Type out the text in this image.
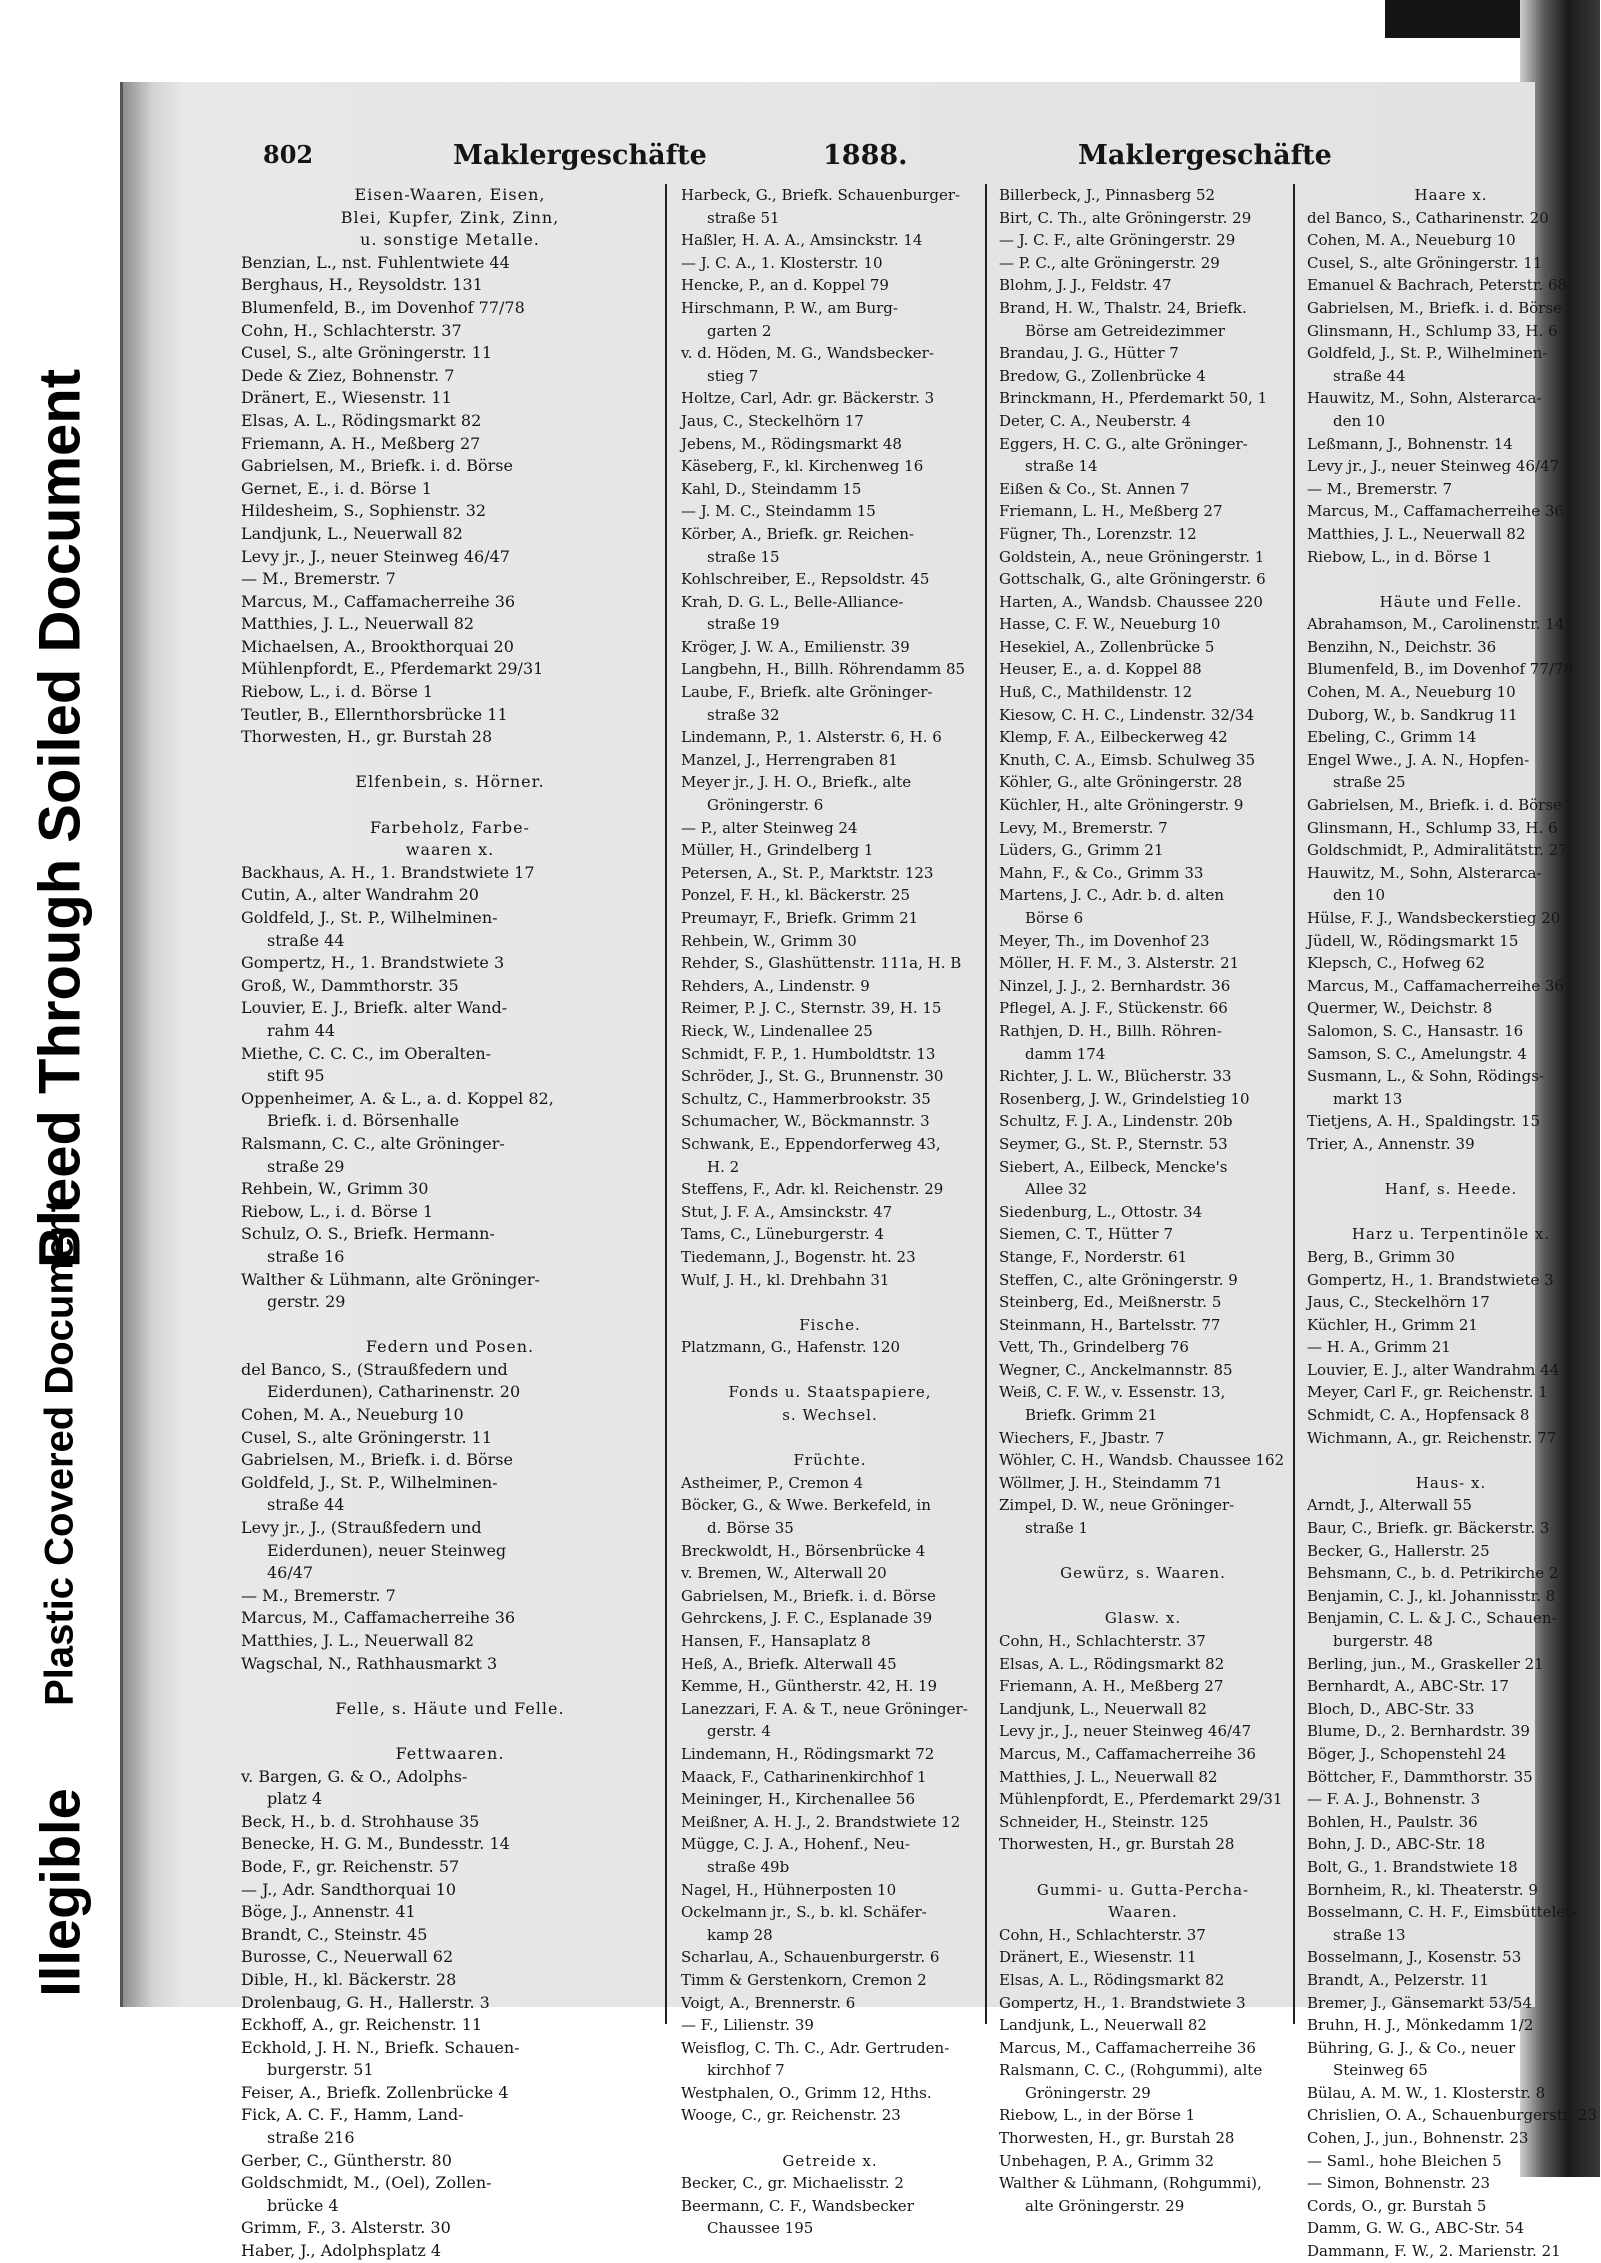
Bleed Through Soiled Document
Plastic Covered Document
Illegible
802	Maklergeschäfte	1888.	Maklergeschäfte
Eisen-Waaren, Eisen,
Blei, Kupfer, Zink, Zinn,
u. sonstige Metalle.
Benzian, L., nst. Fuhlentwiete 44
Berghaus, H., Reysoldstr. 131
Blumenfeld, B., im Dovenhof 77/78
Cohn, H., Schlachterstr. 37
Cusel, S., alte Gröningerstr. 11
Dede & Ziez, Bohnenstr. 7
Dränert, E., Wiesenstr. 11
Elsas, A. L., Rödingsmarkt 82
Friemann, A. H., Meßberg 27
Gabrielsen, M., Briefk. i. d. Börse
Gernet, E., i. d. Börse 1
Hildesheim, S., Sophienstr. 32
Landjunk, L., Neuerwall 82
Levy jr., J., neuer Steinweg 46/47
— M., Bremerstr. 7
Marcus, M., Caffamacherreihe 36
Matthies, J. L., Neuerwall 82
Michaelsen, A., Brookthorquai 20
Mühlenpfordt, E., Pferdemarkt 29/31
Riebow, L., i. d. Börse 1
Teutler, B., Ellernthorsbrücke 11
Thorwesten, H., gr. Burstah 28
Elfenbein, s. Hörner.
Farbeholz, Farbe-
waaren x.
Backhaus, A. H., 1. Brandstwiete 17
Cutin, A., alter Wandrahm 20
Goldfeld, J., St. P., Wilhelminen-
straße 44
Gompertz, H., 1. Brandstwiete 3
Groß, W., Dammthorstr. 35
Louvier, E. J., Briefk. alter Wand-
rahm 44
Miethe, C. C. C., im Oberalten-
stift 95
Oppenheimer, A. & L., a. d. Koppel 82,
Briefk. i. d. Börsenhalle
Ralsmann, C. C., alte Gröninger-
straße 29
Rehbein, W., Grimm 30
Riebow, L., i. d. Börse 1
Schulz, O. S., Briefk. Hermann-
straße 16
Walther & Lühmann, alte Gröninger-
gerstr. 29
Federn und Posen.
del Banco, S., (Straußfedern und
Eiderdunen), Catharinenstr. 20
Cohen, M. A., Neueburg 10
Cusel, S., alte Gröningerstr. 11
Gabrielsen, M., Briefk. i. d. Börse
Goldfeld, J., St. P., Wilhelminen-
straße 44
Levy jr., J., (Straußfedern und
Eiderdunen), neuer Steinweg
46/47
— M., Bremerstr. 7
Marcus, M., Caffamacherreihe 36
Matthies, J. L., Neuerwall 82
Wagschal, N., Rathhausmarkt 3
Felle, s. Häute und Felle.
Fettwaaren.
v. Bargen, G. & O., Adolphs-
platz 4
Beck, H., b. d. Strohhause 35
Benecke, H. G. M., Bundesstr. 14
Bode, F., gr. Reichenstr. 57
— J., Adr. Sandthorquai 10
Böge, J., Annenstr. 41
Brandt, C., Steinstr. 45
Burosse, C., Neuerwall 62
Dible, H., kl. Bäckerstr. 28
Drolenbaug, G. H., Hallerstr. 3
Eckhoff, A., gr. Reichenstr. 11
Eckhold, J. H. N., Briefk. Schauen-
burgerstr. 51
Feiser, A., Briefk. Zollenbrücke 4
Fick, A. C. F., Hamm, Land-
straße 216
Gerber, C., Güntherstr. 80
Goldschmidt, M., (Oel), Zollen-
brücke 4
Grimm, F., 3. Alsterstr. 30
Haber, J., Adolphsplatz 4
Harbeck, G., Briefk. Schauenburger-
straße 51
Haßler, H. A. A., Amsinckstr. 14
— J. C. A., 1. Klosterstr. 10
Hencke, P., an d. Koppel 79
Hirschmann, P. W., am Burg-
garten 2
v. d. Höden, M. G., Wandsbecker-
stieg 7
Holtze, Carl, Adr. gr. Bäckerstr. 3
Jaus, C., Steckelhörn 17
Jebens, M., Rödingsmarkt 48
Käseberg, F., kl. Kirchenweg 16
Kahl, D., Steindamm 15
— J. M. C., Steindamm 15
Körber, A., Briefk. gr. Reichen-
straße 15
Kohlschreiber, E., Repsoldstr. 45
Krah, D. G. L., Belle-Alliance-
straße 19
Kröger, J. W. A., Emilienstr. 39
Langbehn, H., Billh. Röhrendamm 85
Laube, F., Briefk. alte Gröninger-
straße 32
Lindemann, P., 1. Alsterstr. 6, H. 6
Manzel, J., Herrengraben 81
Meyer jr., J. H. O., Briefk., alte
Gröningerstr. 6
— P., alter Steinweg 24
Müller, H., Grindelberg 1
Petersen, A., St. P., Marktstr. 123
Ponzel, F. H., kl. Bäckerstr. 25
Preumayr, F., Briefk. Grimm 21
Rehbein, W., Grimm 30
Rehder, S., Glashüttenstr. 111a, H. B
Rehders, A., Lindenstr. 9
Reimer, P. J. C., Sternstr. 39, H. 15
Rieck, W., Lindenallee 25
Schmidt, F. P., 1. Humboldtstr. 13
Schröder, J., St. G., Brunnenstr. 30
Schultz, C., Hammerbrookstr. 35
Schumacher, W., Böckmannstr. 3
Schwank, E., Eppendorferweg 43,
H. 2
Steffens, F., Adr. kl. Reichenstr. 29
Stut, J. F. A., Amsinckstr. 47
Tams, C., Lüneburgerstr. 4
Tiedemann, J., Bogenstr. ht. 23
Wulf, J. H., kl. Drehbahn 31
Fische.
Platzmann, G., Hafenstr. 120
Fonds u. Staatspapiere,
s. Wechsel.
Früchte.
Astheimer, P., Cremon 4
Böcker, G., & Wwe. Berkefeld, in
d. Börse 35
Breckwoldt, H., Börsenbrücke 4
v. Bremen, W., Alterwall 20
Gabrielsen, M., Briefk. i. d. Börse
Gehrckens, J. F. C., Esplanade 39
Hansen, F., Hansaplatz 8
Heß, A., Briefk. Alterwall 45
Kemme, H., Güntherstr. 42, H. 19
Lanezzari, F. A. & T., neue Gröninger-
gerstr. 4
Lindemann, H., Rödingsmarkt 72
Maack, F., Catharinenkirchhof 1
Meininger, H., Kirchenallee 56
Meißner, A. H. J., 2. Brandstwiete 12
Mügge, C. J. A., Hohenf., Neu-
straße 49b
Nagel, H., Hühnerposten 10
Ockelmann jr., S., b. kl. Schäfer-
kamp 28
Scharlau, A., Schauenburgerstr. 6
Timm & Gerstenkorn, Cremon 2
Voigt, A., Brennerstr. 6
— F., Lilienstr. 39
Weisflog, C. Th. C., Adr. Gertruden-
kirchhof 7
Westphalen, O., Grimm 12, Hths.
Wooge, C., gr. Reichenstr. 23
Getreide x.
Becker, C., gr. Michaelisstr. 2
Beermann, C. F., Wandsbecker
Chaussee 195
Billerbeck, J., Pinnasberg 52
Birt, C. Th., alte Gröningerstr. 29
— J. C. F., alte Gröningerstr. 29
— P. C., alte Gröningerstr. 29
Blohm, J. J., Feldstr. 47
Brand, H. W., Thalstr. 24, Briefk.
Börse am Getreidezimmer
Brandau, J. G., Hütter 7
Bredow, G., Zollenbrücke 4
Brinckmann, H., Pferdemarkt 50, 1
Deter, C. A., Neuberstr. 4
Eggers, H. C. G., alte Gröninger-
straße 14
Eißen & Co., St. Annen 7
Friemann, L. H., Meßberg 27
Fügner, Th., Lorenzstr. 12
Goldstein, A., neue Gröningerstr. 1
Gottschalk, G., alte Gröningerstr. 6
Harten, A., Wandsb. Chaussee 220
Hasse, C. F. W., Neueburg 10
Hesekiel, A., Zollenbrücke 5
Heuser, E., a. d. Koppel 88
Huß, C., Mathildenstr. 12
Kiesow, C. H. C., Lindenstr. 32/34
Klemp, F. A., Eilbeckerweg 42
Knuth, C. A., Eimsb. Schulweg 35
Köhler, G., alte Gröningerstr. 28
Küchler, H., alte Gröningerstr. 9
Levy, M., Bremerstr. 7
Lüders, G., Grimm 21
Mahn, F., & Co., Grimm 33
Martens, J. C., Adr. b. d. alten
Börse 6
Meyer, Th., im Dovenhof 23
Möller, H. F. M., 3. Alsterstr. 21
Ninzel, J. J., 2. Bernhardstr. 36
Pflegel, A. J. F., Stückenstr. 66
Rathjen, D. H., Billh. Röhren-
damm 174
Richter, J. L. W., Blücherstr. 33
Rosenberg, J. W., Grindelstieg 10
Schultz, F. J. A., Lindenstr. 20b
Seymer, G., St. P., Sternstr. 53
Siebert, A., Eilbeck, Mencke's
Allee 32
Siedenburg, L., Ottostr. 34
Siemen, C. T., Hütter 7
Stange, F., Norderstr. 61
Steffen, C., alte Gröningerstr. 9
Steinberg, Ed., Meißnerstr. 5
Steinmann, H., Bartelsstr. 77
Vett, Th., Grindelberg 76
Wegner, C., Anckelmannstr. 85
Weiß, C. F. W., v. Essenstr. 13,
Briefk. Grimm 21
Wiechers, F., Jbastr. 7
Wöhler, C. H., Wandsb. Chaussee 162
Wöllmer, J. H., Steindamm 71
Zimpel, D. W., neue Gröninger-
straße 1
Gewürz, s. Waaren.
Glasw. x.
Cohn, H., Schlachterstr. 37
Elsas, A. L., Rödingsmarkt 82
Friemann, A. H., Meßberg 27
Landjunk, L., Neuerwall 82
Levy jr., J., neuer Steinweg 46/47
Marcus, M., Caffamacherreihe 36
Matthies, J. L., Neuerwall 82
Mühlenpfordt, E., Pferdemarkt 29/31
Schneider, H., Steinstr. 125
Thorwesten, H., gr. Burstah 28
Gummi- u. Gutta-Percha-
Waaren.
Cohn, H., Schlachterstr. 37
Dränert, E., Wiesenstr. 11
Elsas, A. L., Rödingsmarkt 82
Gompertz, H., 1. Brandstwiete 3
Landjunk, L., Neuerwall 82
Marcus, M., Caffamacherreihe 36
Ralsmann, C. C., (Rohgummi), alte
Gröningerstr. 29
Riebow, L., in der Börse 1
Thorwesten, H., gr. Burstah 28
Unbehagen, P. A., Grimm 32
Walther & Lühmann, (Rohgummi),
alte Gröningerstr. 29
Haare x.
del Banco, S., Catharinenstr. 20
Cohen, M. A., Neueburg 10
Cusel, S., alte Gröningerstr. 11
Emanuel & Bachrach, Peterstr. 68
Gabrielsen, M., Briefk. i. d. Börse
Glinsmann, H., Schlump 33, H. 6
Goldfeld, J., St. P., Wilhelminen-
straße 44
Hauwitz, M., Sohn, Alsterarca-
den 10
Leßmann, J., Bohnenstr. 14
Levy jr., J., neuer Steinweg 46/47
— M., Bremerstr. 7
Marcus, M., Caffamacherreihe 36
Matthies, J. L., Neuerwall 82
Riebow, L., in d. Börse 1
Häute und Felle.
Abrahamson, M., Carolinenstr. 14
Benzihn, N., Deichstr. 36
Blumenfeld, B., im Dovenhof 77/78
Cohen, M. A., Neueburg 10
Duborg, W., b. Sandkrug 11
Ebeling, C., Grimm 14
Engel Wwe., J. A. N., Hopfen-
straße 25
Gabrielsen, M., Briefk. i. d. Börse
Glinsmann, H., Schlump 33, H. 6
Goldschmidt, P., Admiralitätstr. 27
Hauwitz, M., Sohn, Alsterarca-
den 10
Hülse, F. J., Wandsbeckerstieg 20
Jüdell, W., Rödingsmarkt 15
Klepsch, C., Hofweg 62
Marcus, M., Caffamacherreihe 36
Quermer, W., Deichstr. 8
Salomon, S. C., Hansastr. 16
Samson, S. C., Amelungstr. 4
Susmann, L., & Sohn, Rödings-
markt 13
Tietjens, A. H., Spaldingstr. 15
Trier, A., Annenstr. 39
Hanf, s. Heede.
Harz u. Terpentinöle x.
Berg, B., Grimm 30
Gompertz, H., 1. Brandstwiete 3
Jaus, C., Steckelhörn 17
Küchler, H., Grimm 21
— H. A., Grimm 21
Louvier, E. J., alter Wandrahm 44
Meyer, Carl F., gr. Reichenstr. 1
Schmidt, C. A., Hopfensack 8
Wichmann, A., gr. Reichenstr. 77
Haus- x.
Arndt, J., Alterwall 55
Baur, C., Briefk. gr. Bäckerstr. 3
Becker, G., Hallerstr. 25
Behsmann, C., b. d. Petrikirche 2
Benjamin, C. J., kl. Johannisstr. 8
Benjamin, C. L. & J. C., Schauen-
burgerstr. 48
Berling, jun., M., Graskeller 21
Bernhardt, A., ABC-Str. 17
Bloch, D., ABC-Str. 33
Blume, D., 2. Bernhardstr. 39
Böger, J., Schopenstehl 24
Böttcher, F., Dammthorstr. 35
— F. A. J., Bohnenstr. 3
Bohlen, H., Paulstr. 36
Bohn, J. D., ABC-Str. 18
Bolt, G., 1. Brandstwiete 18
Bornheim, R., kl. Theaterstr. 9
Bosselmann, C. H. F., Eimsbütteler-
straße 13
Bosselmann, J., Kosenstr. 53
Brandt, A., Pelzerstr. 11
Bremer, J., Gänsemarkt 53/54
Bruhn, H. J., Mönkedamm 1/2
Bühring, G. J., & Co., neuer
Steinweg 65
Bülau, A. M. W., 1. Klosterstr. 8
Chrislien, O. A., Schauenburgerstr. 23
Cohen, J., jun., Bohnenstr. 23
— Saml., hohe Bleichen 5
— Simon, Bohnenstr. 23
Cords, O., gr. Burstah 5
Damm, G. W. G., ABC-Str. 54
Dammann, F. W., 2. Marienstr. 21
